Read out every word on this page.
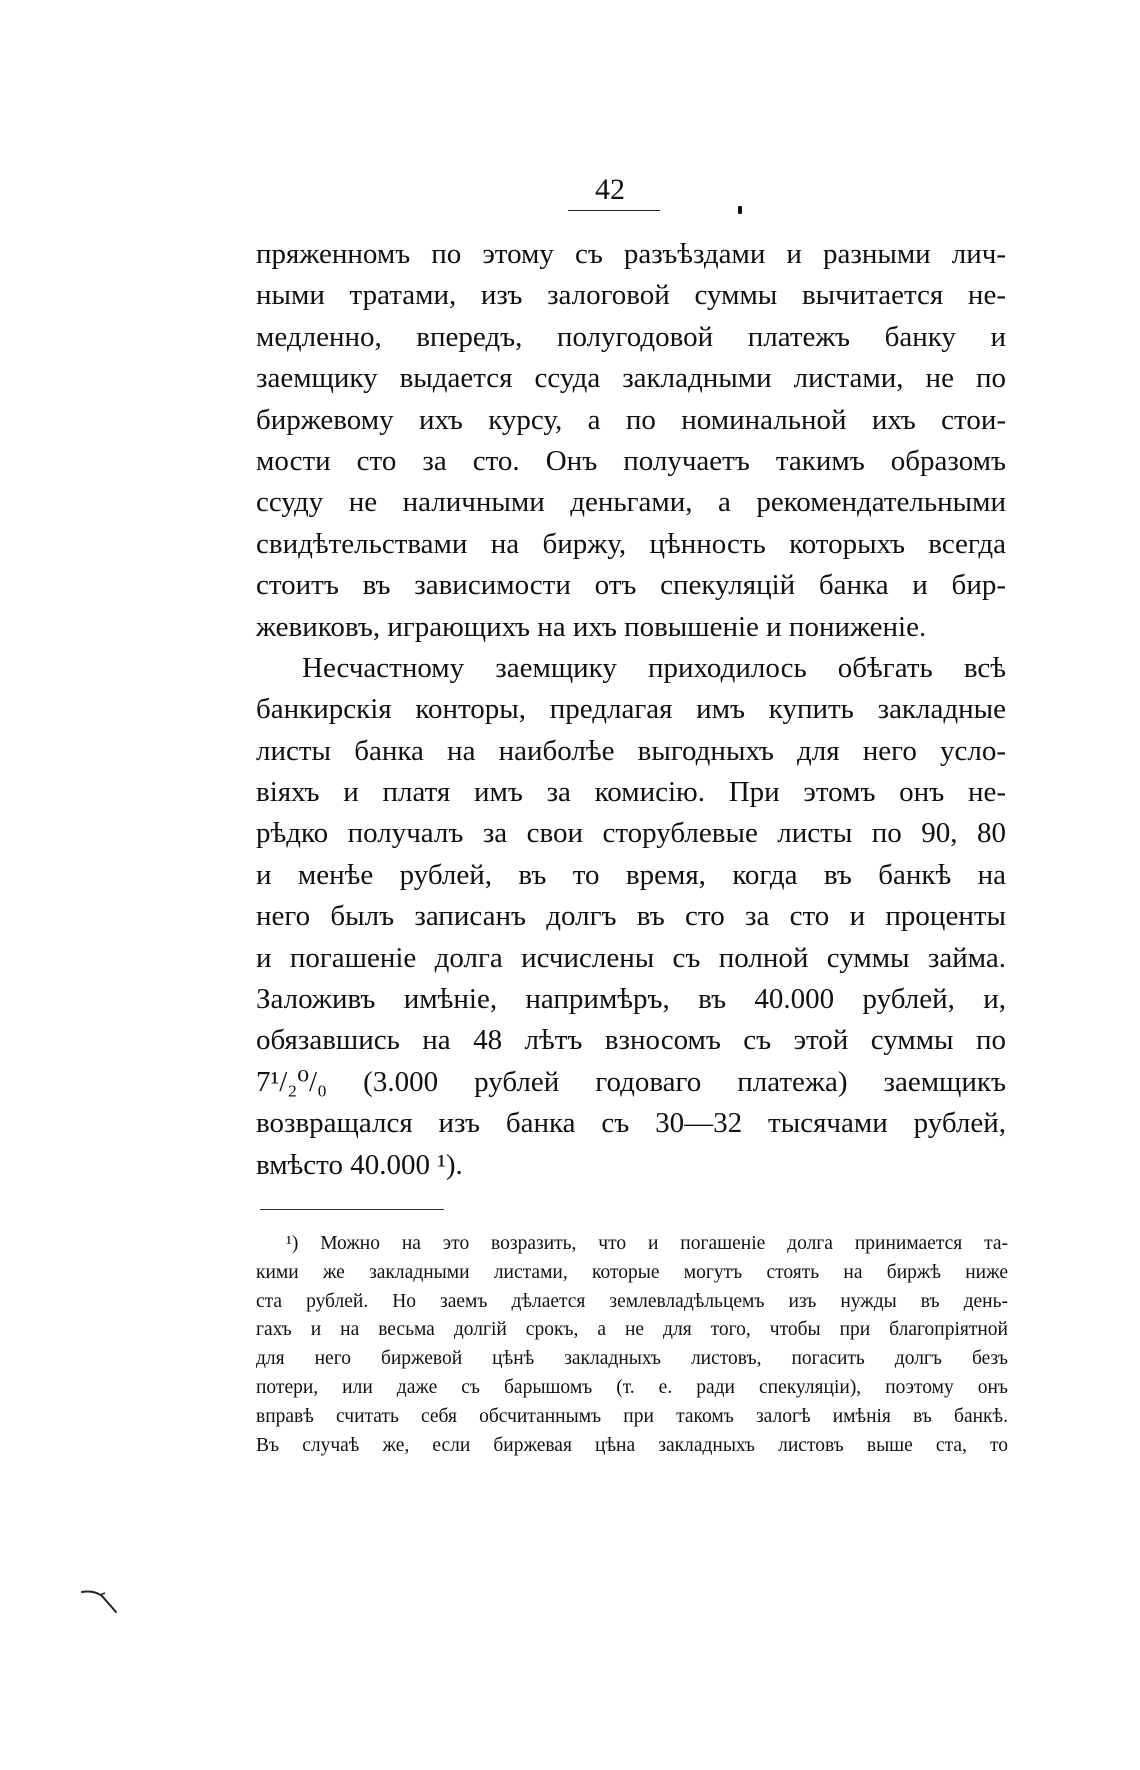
42
пряженномъ по этому съ разъѣздами и разными лич-
ными тратами, изъ залоговой суммы вычитается не-
медленно, впередъ, полугодовой платежъ банку и
заемщику выдается ссуда закладными листами, не по
биржевому ихъ курсу, а по номинальной ихъ стои-
мости сто за сто. Онъ получаетъ такимъ образомъ
ссуду не наличными деньгами, а рекомендательными
свидѣтельствами на биржу, цѣнность которыхъ всегда
стоитъ въ зависимости отъ спекуляцій банка и бир-
жевиковъ, играющихъ на ихъ повышеніе и пониженіе.
Несчастному заемщику приходилось обѣгать всѣ
банкирскія конторы, предлагая имъ купить закладные
листы банка на наиболѣе выгодныхъ для него усло-
віяхъ и платя имъ за комисію. При этомъ онъ не-
рѣдко получалъ за свои сторублевые листы по 90, 80
и менѣе рублей, въ то время, когда въ банкѣ на
него былъ записанъ долгъ въ сто за сто и проценты
и погашеніе долга исчислены съ полной суммы займа.
Заложивъ имѣніе, напримѣръ, въ 40.000 рублей, и,
обязавшись на 48 лѣтъ взносомъ съ этой суммы по
7¹/₂⁰/₀ (3.000 рублей годоваго платежа) заемщикъ
возвращался изъ банка съ 30—32 тысячами рублей,
вмѣсто 40.000 ¹).
¹) Можно на это возразить, что и погашеніе долга принимается та-
кими же закладными листами, которые могутъ стоять на биржѣ ниже
ста рублей. Но заемъ дѣлается землевладѣльцемъ изъ нужды въ день-
гахъ и на весьма долгій срокъ, а не для того, чтобы при благопріятной
для него биржевой цѣнѣ закладныхъ листовъ, погасить долгъ безъ
потери, или даже съ барышомъ (т. е. ради спекуляціи), поэтому онъ
вправѣ считать себя обсчитаннымъ при такомъ залогѣ имѣнія въ банкѣ.
Въ случаѣ же, если биржевая цѣна закладныхъ листовъ выше ста, то
